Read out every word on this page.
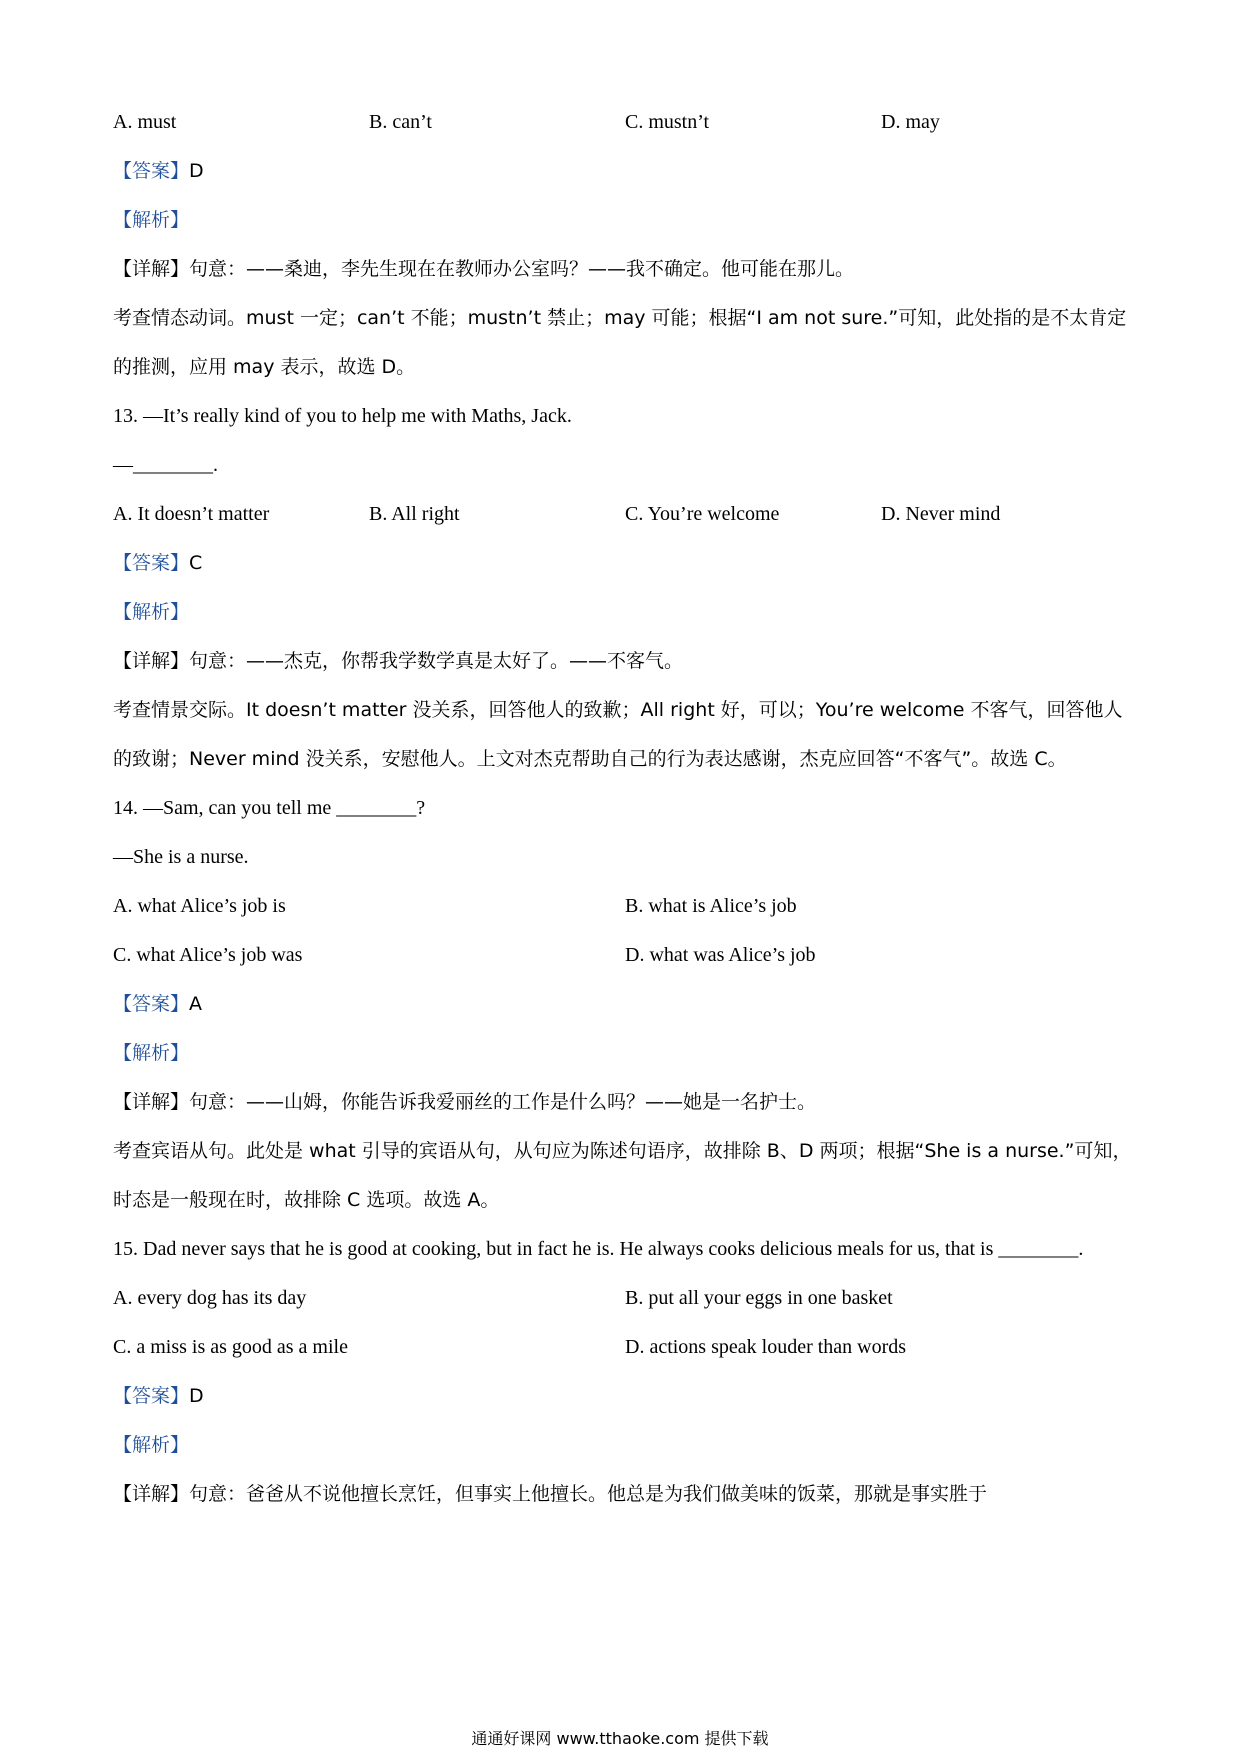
A. must	B. can’t	C. mustn’t	D. may
【答案】D
【解析】
【详解】句意：——桑迪，李先生现在在教师办公室吗？——我不确定。他可能在那儿。
考查情态动词。must 一定；can’t 不能；mustn’t 禁止；may 可能；根据“I am not sure.”可知，此处指的是不太肯定的推测，应用 may 表示，故选 D。
13. —It’s really kind of you to help me with Maths, Jack.
—________.
A. It doesn’t matter	B. All right	C. You’re welcome	D. Never mind
【答案】C
【解析】
【详解】句意：——杰克，你帮我学数学真是太好了。——不客气。
考查情景交际。It doesn’t matter 没关系，回答他人的致歉；All right 好，可以；You’re welcome 不客气，回答他人的致谢；Never mind 没关系，安慰他人。上文对杰克帮助自己的行为表达感谢，杰克应回答“不客气”。故选 C。
14. —Sam, can you tell me ________?
—She is a nurse.
A. what Alice’s job is	B. what is Alice’s job
C. what Alice’s job was	D. what was Alice’s job
【答案】A
【解析】
【详解】句意：——山姆，你能告诉我爱丽丝的工作是什么吗？——她是一名护士。
考查宾语从句。此处是 what 引导的宾语从句，从句应为陈述句语序，故排除 B、D 两项；根据“She is a nurse.”可知，时态是一般现在时，故排除 C 选项。故选 A。
15. Dad never says that he is good at cooking, but in fact he is. He always cooks delicious meals for us, that is ________.
A. every dog has its day	B. put all your eggs in one basket
C. a miss is as good as a mile	D. actions speak louder than words
【答案】D
【解析】
【详解】句意：爸爸从不说他擅长烹饪，但事实上他擅长。他总是为我们做美味的饭菜，那就是事实胜于
通通好课网 www.tthaoke.com 提供下载
